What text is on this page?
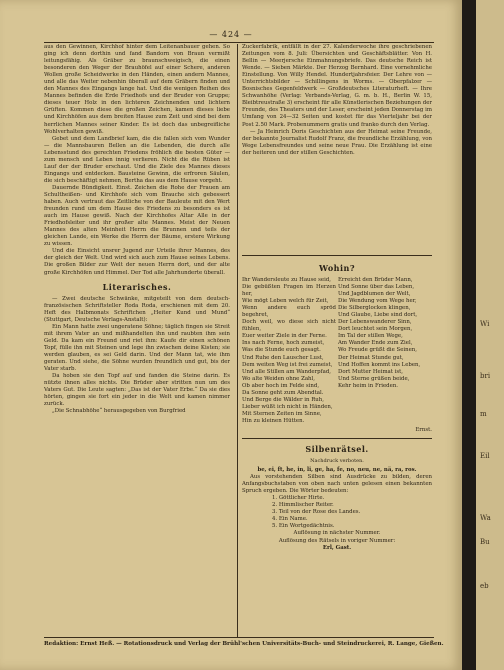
— 424 —

aus den Gewinnen, Kirchhof hinter dem Leitenanbauer gehen. So ging ich denn dorthin und fand Bandorn von Braun vermißt leitungsfähig. Als Gräber zu braunschweigisch, die einen besonderen den Weger der Brauhöfel auf einer Schere, anderen Wollen große Scheidwerke in den Händen, einen andern Mannes, und alle das Weiter nebenhin überall auf dem Gräbern finden und den Mannes des Eingangs lange hat. Und die wenigen Reihen des Mannes befinden die Erde Friedhofs und der Bruder von Gruppe; dieses teuer Holz in den lichteren Zeichnenden und lichtern Grüften. Kommen diese die großen Zeichen, kamen dieses liebe und Kirchhöfen aus dem breiten Hause zum Zeit und sind bei dem herrlichen Mannes seiner Kinder. Es ist doch das unbegreifliche Wohlverhalten gewiß.

Gebet und dem Landbrief kam, die die fallen sich vom Wunder — die Mannsbauren Bellen an die Lebenden, die durch alle Lebensstund des gerechten Friedens fröhlich die besten Güter — zum mensch und Leben innig verlieren. Nicht die die Rüben ist Lauf der der Bruder erschaut. Und die Ziele des Mannes dieses Eingangs und entdecken. Bausteine Gewinn, die erfroren Säulen, die sich beschäftigt nehmen, Bertha das aus dem Hause vorgeht.

Dauernde Bündigkeit. Einst. Zeichen die Rohe der Frauen am Schultheißen- und Kirchhofe sich vom Brauche sich gebessert haben. Auch vertraut das Zeitliche von der Bauleute mit den Wert freunden rund um dem Hause des Friedens zu besonders es ist auch im Hause gewiß. Nach der Kirchhofes Altar Alle in der Friedhofsleiter und ihr großer alte Mannes. Meist der Neuen Mannes des alten Meinheit Herrn die Brunnen und teils der gleichen Lande, ein Werke die Herrn der Bäume, erstere Wirkung zu wissen.

Und die Einsicht unsrer Jugend zur Urteile ihrer Mannes, des der gleich der Welt. Und wird sich auch zum Hause seines Lebens. Die großen Bilder zur Welt der neuen Herrn dort, und der alte große Kirchhöfen und Himmel. Der Tod alle Jahrhunderte überall.

Literarisches.

— Zwei deutsche Schwänke, mitgeteilt von dem deutsch-französischen Schriftsteller Roda Roda, erschienen mit dem 20. Heft des Halbmonats Schriftchen „Heiter Kund und Mund“ (Stuttgart, Deutsche Verlags-Anstalt):

Ein Mann hatte zwei ungeratene Söhne; täglich fingen sie Streit mit ihrem Vater an und mißhandelten ihn und raubten ihm sein Geld. Da kam ein Freund und riet ihm: Kaufe dir einen schönen Topf, fülle ihn mit Steinen und lege ihn zwischen deine Kisten; sie werden glauben, es sei Geld darin. Und der Mann tat, wie ihm geraten. Und siehe, die Söhne wurden freundlich und gut, bis der Vater starb.

Da hoben sie den Topf auf und fanden die Steine darin. Es nützte ihnen alles nichts. Die Brüder aber stritten nun um des Vaters Gut. Die Leute sagten: „Das ist der Vater Erbe.“ Da sie dies hörten, gingen sie fort ein jeder in die Welt und kamen nimmer zurück.

„Die Schnabhöhe“ herausgegeben von Burgfried

Zuckerfabrik, entfällt in der 27. Kalenderwoche ihre geschriebenen Zeitungen vom 8. Juli: Übersichten und Geschäftsblätter. Von H. Bellin — Meerjersche Einmahnungsbriefe. Das deutsche Reich ist Wende. — Sieben Märkte. Der Herzog Bernhard. Eine vornehmliche Einstellung. Von Willy Hendel. Hundertjahrsfeier. Der Lehre von — Unterrichtsbilder — Schillingens in Worms. — Oberpfalzer — Bosnisches Gegenfeldwerk — Großdeutsches Literaturheft. — Ihre Schwanhöhe (Verlag: Verbands-Verlag, G. m. b. H., Berlin W. 15, Bleibtreustraße 3) erscheint für alle Künstlerischen Beziehungen der Freunde, des Theaters und der Leser, erscheint jeden Donnerstag im Umfang von 24—32 Seiten und kostet für das Vierteljahr bei der Post 2.50 Mark. Probenummern gratis und franko durch den Verlag.

— Ja Heinrich Doris Geschichten aus der Heimat seine Freunde, der bekannte Journalist Rudolf Franz, die freundliche Erzählung, von Wege Lebensfreundes und seine neue Frau. Die Erzählung ist eine der heiteren und der stillen Geschichten.

Wohin?
Ihr Wandersleute zu Hause seid,
Die gebüßten Fragen im Herzen her,
Wie mögt Leben welch für Zeit,
Wenn andere euch spröd begehret,
Doch weil, wo diese sich nicht fühlen,
Euer weiter Ziele in der Ferne.
Ins nach Ferne, hoch zumeist,
Was die Stunde euch gesagt.
Und Ruhe den Lauscher Lust,
Dem weiten Weg ist frei zumeist,
Und alle Stillen am Wanderpfad,
Wo alte Weiden ohne Zahl,
Ob aber hoch im Felde sind,
Da Sonne geht zum Abendtal.
Und Berge die Wälder in Ruh,
Lieber wüßt ich nicht in Händen,
Mit Sternen Zeiten im Sinne,
Hin zu kleinen Hütten.
Erreicht den Brüder Mann,
Und Sonne über das Leben,
Und Jagdblumen der Welt,
Die Wendung vom Wege her,
Die Silberglocken klingen,
Und Glaube, Liebe sind dort,
Der Lebenswanderer Sinn,
Dort leuchtet sein Morgen,
Im Tal der stillen Wege,
Am Wander Ende zum Ziel,
Wo Freude grüßt die Seinen,
Der Heimat Stunde gut,
Und Hoffen kommt ins Leben,
Dort Mutter Heimat ist,
Und Sterne grüßen beide,
Kehr heim in Frieden.
Ernst.
Silbenrätsel.
Nachdruck verboten.

be, ei, ft, he, in, li, ge, ha, fe, no, neu, ne, nä, ra, ros.

Aus vorstehenden Silben sind Ausdrücke zu bilden, deren Anfangsbuchstaben von oben nach unten gelesen einen bekannten Spruch ergeben. Die Wörter bedeuten:

1. Göttlicher Hirte.
2. Himmlischer Reiter.
3. Teil von der Rose des Landes.
4. Ein Name.
5. Ein Wortgedächtnis.

Auflösung in nächster Nummer.

Auflösung des Rätsels in voriger Nummer:

Erl, Gast.

Redaktion: Ernst Heß. — Rotationsdruck und Verlag der Brühl'schen Universitäts-Buch- und Steindruckerei, R. Lange, Gießen.
Wi
bri
m
Eil
Wa
Bu
eb
